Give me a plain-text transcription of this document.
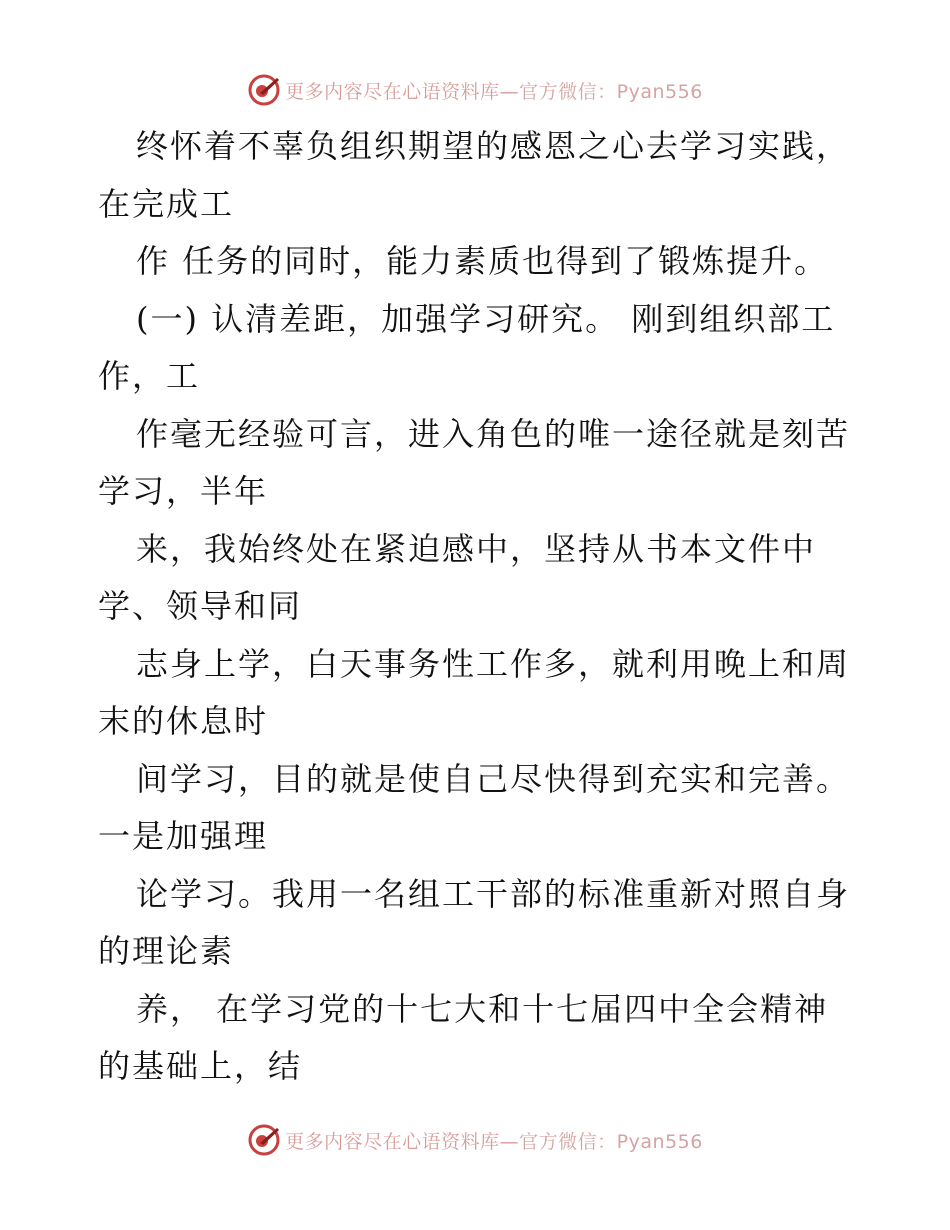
更多内容尽在心语资料库—官方微信：Pyan556
终怀着不辜负组织期望的感恩之心去学习实践，
在完成工
作 任务的同时，能力素质也得到了锻炼提升。
(一) 认清差距，加强学习研究。 刚到组织部工
作，工
作毫无经验可言，进入角色的唯一途径就是刻苦
学习，半年
来，我始终处在紧迫感中，坚持从书本文件中
学、领导和同
志身上学，白天事务性工作多，就利用晚上和周
末的休息时
间学习，目的就是使自己尽快得到充实和完善。
一是加强理
论学习。我用一名组工干部的标准重新对照自身
的理论素
养， 在学习党的十七大和十七届四中全会精神
的基础上，结
更多内容尽在心语资料库—官方微信：Pyan556
